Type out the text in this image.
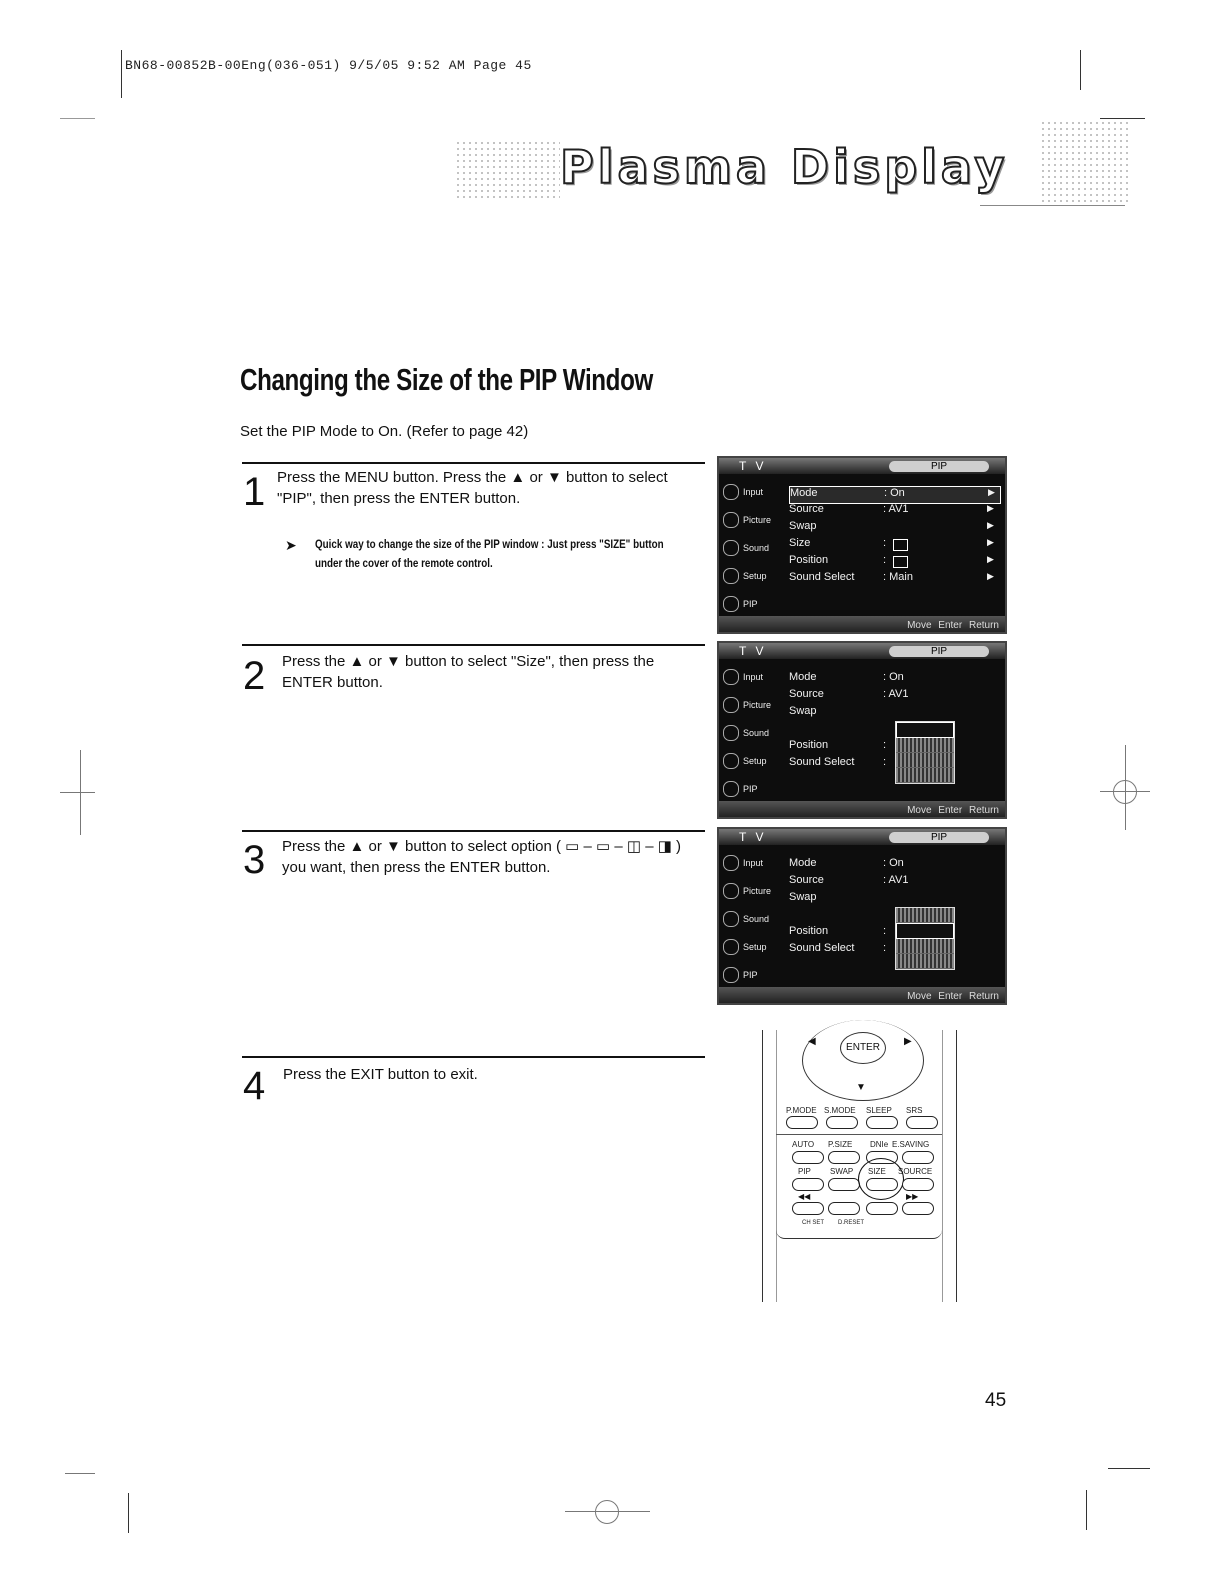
BN68-00852B-00Eng(036-051) 9/5/05 9:52 AM Page 45
Plasma Display
Changing the Size of the PIP Window
Set the PIP Mode to On. (Refer to page 42)
1 Press the MENU button. Press the ▲ or ▼ button to select "PIP", then press the ENTER button.
➤ Quick way to change the size of the PIP window : Just press "SIZE" button
under the cover of the remote control.
2 Press the ▲ or ▼ button to select "Size", then press the ENTER button.
3 Press the ▲ or ▼ button to select option ( ▭ – ▭ – ◫ – ◨ ) you want, then press the ENTER button.
4 Press the EXIT button to exit.
T V	PIP
Input
Picture
Sound
Setup
PIP
Mode	: On	▶
Source	: AV1	▶
Swap	▶
Size	:	▶
Position	:	▶
Sound Select	: Main	▶
Move Enter Return
T V	PIP
Input
Picture
Sound
Setup
PIP
Mode	: On
Source	: AV1
Swap
Position	:
Sound Select	:
Move Enter Return
T V	PIP
Input
Picture
Sound
Setup
PIP
Mode	: On
Source	: AV1
Swap
Position	:
Sound Select	:
Move Enter Return
ENTER
◀	▶
▼
P.MODE S.MODE SLEEP SRS
AUTO P.SIZE DNIe E.SAVING
PIP SWAP SIZE SOURCE
◀◀	▶▶
CH SET D.RESET
45
